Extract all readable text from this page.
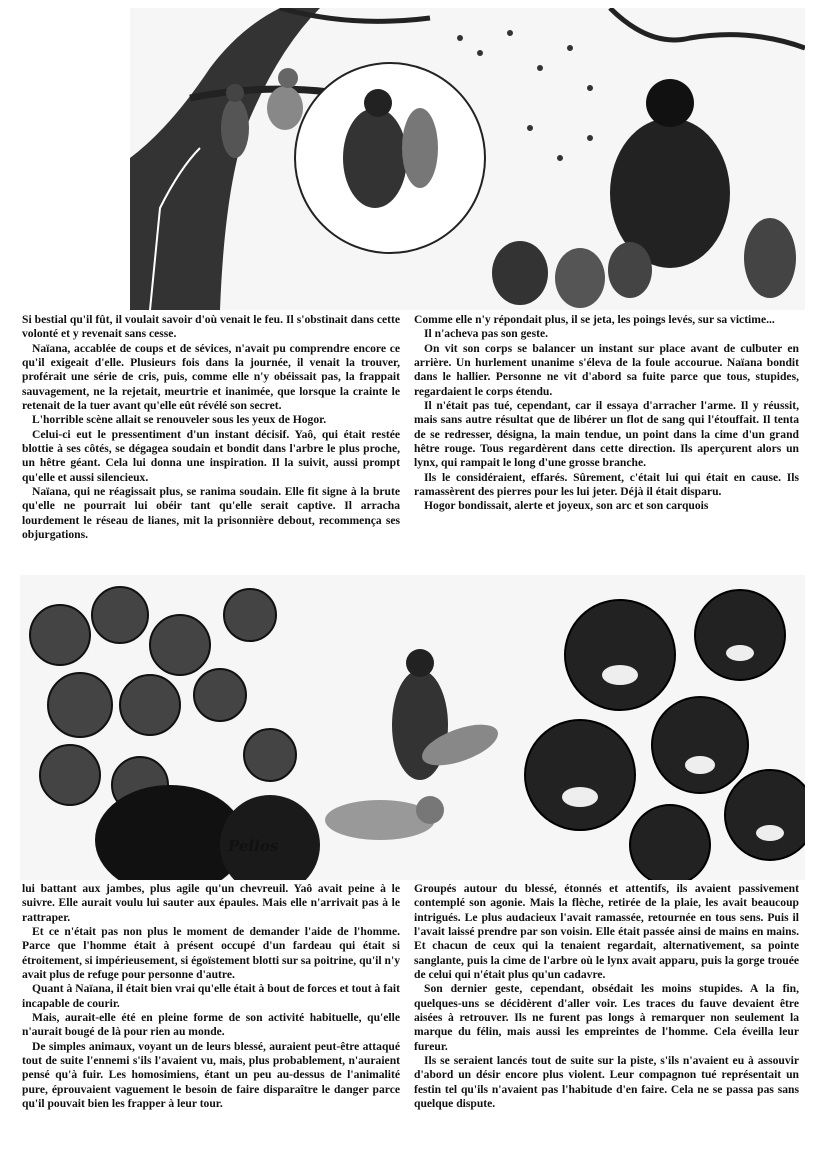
Si bestial qu'il fût, il voulait savoir d'où venait le feu. Il s'obstinait dans cette volonté et y revenait sans cesse.

Naïana, accablée de coups et de sévices, n'avait pu comprendre encore ce qu'il exigeait d'elle. Plusieurs fois dans la journée, il venait la trouver, proférait une série de cris, puis, comme elle n'y obéissait pas, la frappait sauvagement, ne la rejetait, meurtrie et inanimée, que lorsque la crainte le retenait de la tuer avant qu'elle eût révélé son secret.

L'horrible scène allait se renouveler sous les yeux de Hogor.

Celui-ci eut le pressentiment d'un instant décisif. Yaô, qui était restée blottie à ses côtés, se dégagea soudain et bondit dans l'arbre le plus proche, un hêtre géant. Cela lui donna une inspiration. Il la suivit, aussi prompt qu'elle et aussi silencieux.

Naïana, qui ne réagissait plus, se ranima soudain. Elle fit signe à la brute qu'elle ne pourrait lui obéir tant qu'elle serait captive. Il arracha lourdement le réseau de lianes, mit la prisonnière debout, recommença ses objurgations.

Comme elle n'y répondait plus, il se jeta, les poings levés, sur sa victime...

Il n'acheva pas son geste.

On vit son corps se balancer un instant sur place avant de culbuter en arrière. Un hurlement unanime s'éleva de la foule accourue. Naïana bondit dans le hallier. Personne ne vit d'abord sa fuite parce que tous, stupides, regardaient le corps étendu.

Il n'était pas tué, cependant, car il essaya d'arracher l'arme. Il y réussit, mais sans autre résultat que de libérer un flot de sang qui l'étouffait. Il tenta de se redresser, désigna, la main tendue, un point dans la cime d'un grand hêtre rouge. Tous regardèrent dans cette direction. Ils aperçurent alors un lynx, qui rampait le long d'une grosse branche.

Ils le considéraient, effarés. Sûrement, c'était lui qui était en cause. Ils ramassèrent des pierres pour les lui jeter. Déjà il était disparu.

Hogor bondissait, alerte et joyeux, son arc et son carquois

Pellos

lui battant aux jambes, plus agile qu'un chevreuil. Yaô avait peine à le suivre. Elle aurait voulu lui sauter aux épaules. Mais elle n'arrivait pas à le rattraper.

Et ce n'était pas non plus le moment de demander l'aide de l'homme. Parce que l'homme était à présent occupé d'un fardeau qui était si étroitement, si impérieusement, si égoïstement blotti sur sa poitrine, qu'il n'y avait plus de refuge pour personne d'autre.

Quant à Naïana, il était bien vrai qu'elle était à bout de forces et tout à fait incapable de courir.

Mais, aurait-elle été en pleine forme de son activité habituelle, qu'elle n'aurait bougé de là pour rien au monde.

De simples animaux, voyant un de leurs blessé, auraient peut-être attaqué tout de suite l'ennemi s'ils l'avaient vu, mais, plus probablement, n'auraient pensé qu'à fuir. Les homosimiens, étant un peu au-dessus de l'animalité pure, éprouvaient vaguement le besoin de faire disparaître le danger parce qu'il pouvait bien les frapper à leur tour.

Groupés autour du blessé, étonnés et attentifs, ils avaient passivement contemplé son agonie. Mais la flèche, retirée de la plaie, les avait beaucoup intrigués. Le plus audacieux l'avait ramassée, retournée en tous sens. Puis il l'avait laissé prendre par son voisin. Elle était passée ainsi de mains en mains. Et chacun de ceux qui la tenaient regardait, alternativement, sa pointe sanglante, puis la cime de l'arbre où le lynx avait apparu, puis la gorge trouée de celui qui n'était plus qu'un cadavre.

Son dernier geste, cependant, obsédait les moins stupides. A la fin, quelques-uns se décidèrent d'aller voir. Les traces du fauve devaient être aisées à retrouver. Ils ne furent pas longs à remarquer non seulement la marque du félin, mais aussi les empreintes de l'homme. Cela éveilla leur fureur.

Ils se seraient lancés tout de suite sur la piste, s'ils n'avaient eu à assouvir d'abord un désir encore plus violent. Leur compagnon tué représentait un festin tel qu'ils n'avaient pas l'habitude d'en faire. Cela ne se passa pas sans quelque dispute.
